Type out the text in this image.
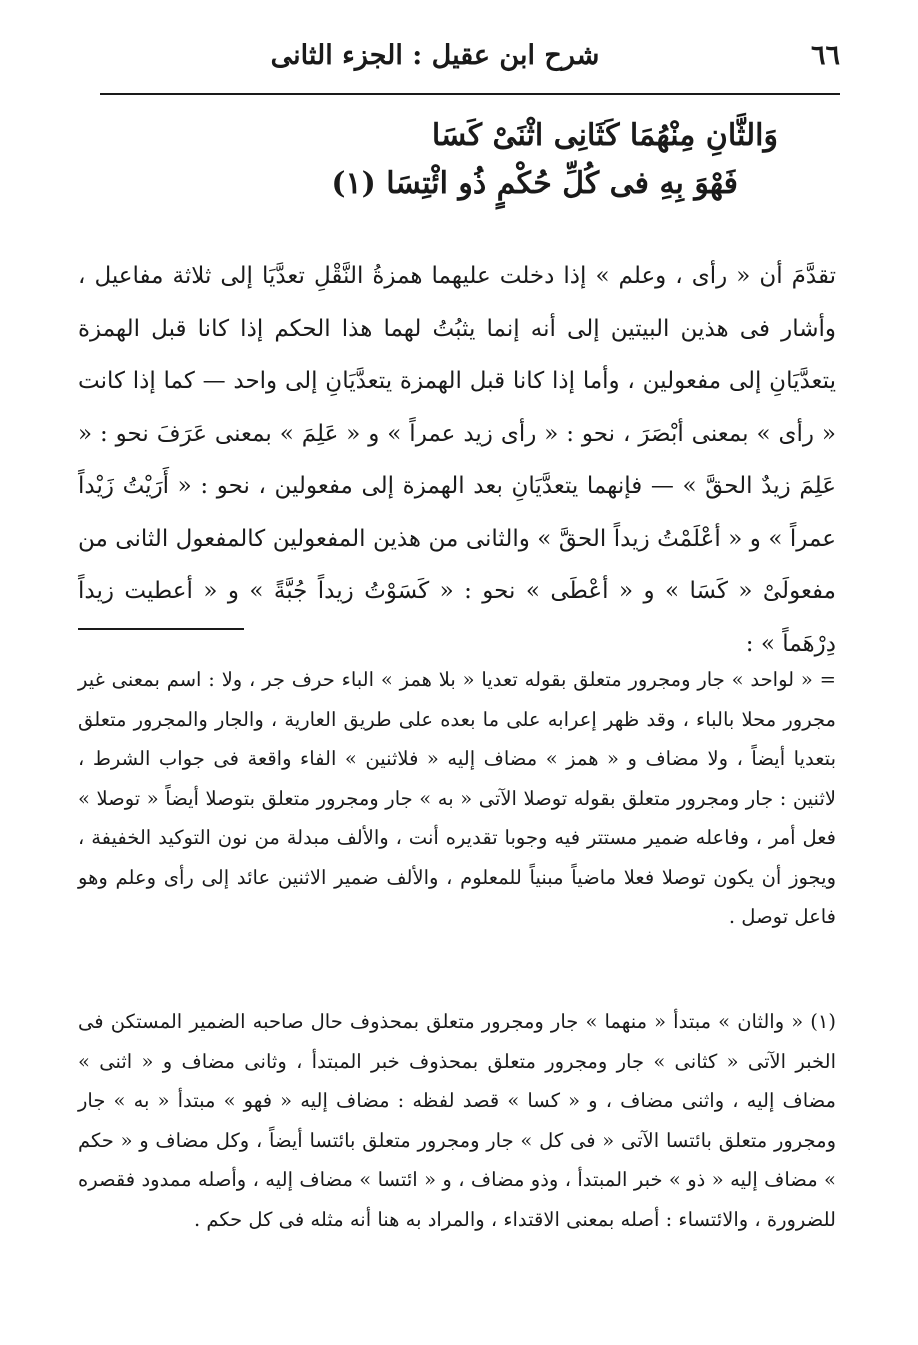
٦٦
شرح ابن عقيل : الجزء الثانى
وَالثَّانِ مِنْهُمَا كَثَانِى اثْنَىْ كَسَا
فَهْوَ بِهِ فى كُلِّ حُكْمٍ ذُو ائْتِسَا (١)

تقدَّمَ أن « رأى ، وعلم » إذا دخلت عليهما همزةُ النَّقْلِ تعدَّيَا إلى ثلاثة مفاعيل ، وأشار فى هذين البيتين إلى أنه إنما يثبُتُ لهما هذا الحكم إذا كانا قبل الهمزة يتعدَّيَانِ إلى مفعولين ، وأما إذا كانا قبل الهمزة يتعدَّيَانِ إلى واحد — كما إذا كانت « رأى » بمعنى أبْصَرَ ، نحو : « رأى زيد عمراً » و « عَلِمَ » بمعنى عَرَفَ نحو : « عَلِمَ زيدٌ الحقَّ » — فإنهما يتعدَّيَانِ بعد الهمزة إلى مفعولين ، نحو : « أَرَيْتُ زَيْداً عمراً » و « أعْلَمْتُ زيداً الحقَّ » والثانى من هذين المفعولين كالمفعول الثانى من مفعولَىْ « كَسَا » و « أعْطَى » نحو : « كَسَوْتُ زيداً جُبَّةً » و « أعطيت زيداً دِرْهَماً » :

= « لواحد » جار ومجرور متعلق بقوله تعديا « بلا همز » الباء حرف جر ، ولا : اسم بمعنى غير مجرور محلا بالباء ، وقد ظهر إعرابه على ما بعده على طريق العارية ، والجار والمجرور متعلق بتعديا أيضاً ، ولا مضاف و « همز » مضاف إليه « فلاثنين » الفاء واقعة فى جواب الشرط ، لاثنين : جار ومجرور متعلق بقوله توصلا الآتى « به » جار ومجرور متعلق بتوصلا أيضاً « توصلا » فعل أمر ، وفاعله ضمير مستتر فيه وجوبا تقديره أنت ، والألف مبدلة من نون التوكيد الخفيفة ، ويجوز أن يكون توصلا فعلا ماضياً مبنياً للمعلوم ، والألف ضمير الاثنين عائد إلى رأى وعلم وهو فاعل توصل .

(١) « والثان » مبتدأ « منهما » جار ومجرور متعلق بمحذوف حال صاحبه الضمير المستكن فى الخبر الآتى « كثانى » جار ومجرور متعلق بمحذوف خبر المبتدأ ، وثانى مضاف و « اثنى » مضاف إليه ، واثنى مضاف ، و « كسا » قصد لفظه : مضاف إليه « فهو » مبتدأ « به » جار ومجرور متعلق بائتسا الآتى « فى كل » جار ومجرور متعلق بائتسا أيضاً ، وكل مضاف و « حكم » مضاف إليه « ذو » خبر المبتدأ ، وذو مضاف ، و « ائتسا » مضاف إليه ، وأصله ممدود فقصره للضرورة ، والائتساء : أصله بمعنى الاقتداء ، والمراد به هنا أنه مثله فى كل حكم .
